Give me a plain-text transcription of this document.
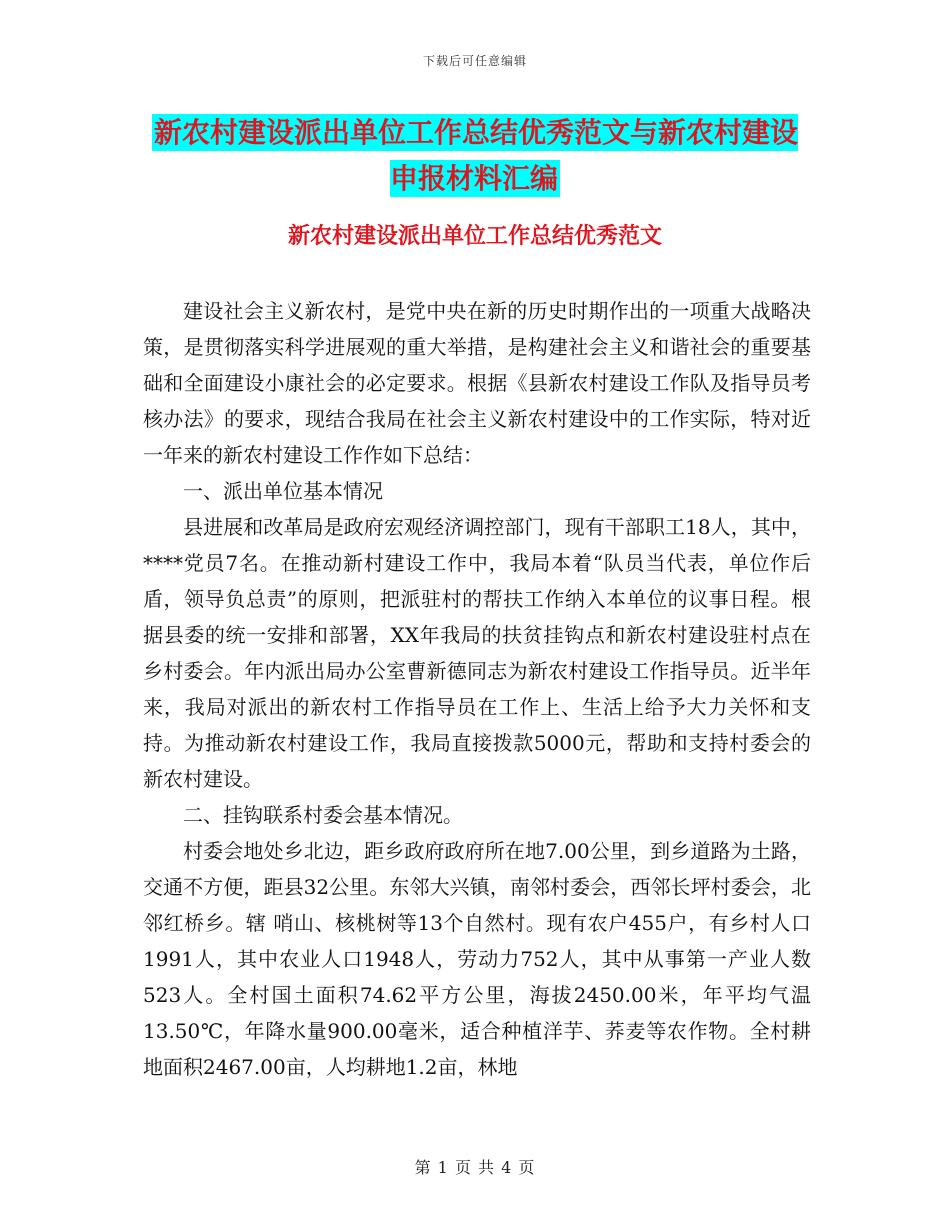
下载后可任意编辑
新农村建设派出单位工作总结优秀范文与新农村建设申报材料汇编
新农村建设派出单位工作总结优秀范文

建设社会主义新农村，是党中央在新的历史时期作出的一项重大战略决策，是贯彻落实科学进展观的重大举措，是构建社会主义和谐社会的重要基础和全面建设小康社会的必定要求。根据《县新农村建设工作队及指导员考核办法》的要求，现结合我局在社会主义新农村建设中的工作实际，特对近一年来的新农村建设工作作如下总结：

一、派出单位基本情况

县进展和改革局是政府宏观经济调控部门，现有干部职工18人，其中，****党员7名。在推动新村建设工作中，我局本着“队员当代表，单位作后盾，领导负总责”的原则，把派驻村的帮扶工作纳入本单位的议事日程。根据县委的统一安排和部署，XX年我局的扶贫挂钩点和新农村建设驻村点在乡村委会。年内派出局办公室曹新德同志为新农村建设工作指导员。近半年来，我局对派出的新农村工作指导员在工作上、生活上给予大力关怀和支持。为推动新农村建设工作，我局直接拨款5000元，帮助和支持村委会的新农村建设。

二、挂钩联系村委会基本情况。

村委会地处乡北边，距乡政府政府所在地7.00公里，到乡道路为土路，交通不方便，距县32公里。东邻大兴镇，南邻村委会，西邻长坪村委会，北邻红桥乡。辖 哨山、核桃树等13个自然村。现有农户455户，有乡村人口1991人，其中农业人口1948人，劳动力752人，其中从事第一产业人数523人。全村国土面积74.62平方公里，海拔2450.00米，年平均气温13.50℃，年降水量900.00毫米，适合种植洋芋、荞麦等农作物。全村耕地面积2467.00亩，人均耕地1.2亩，林地

第 1 页 共 4 页
